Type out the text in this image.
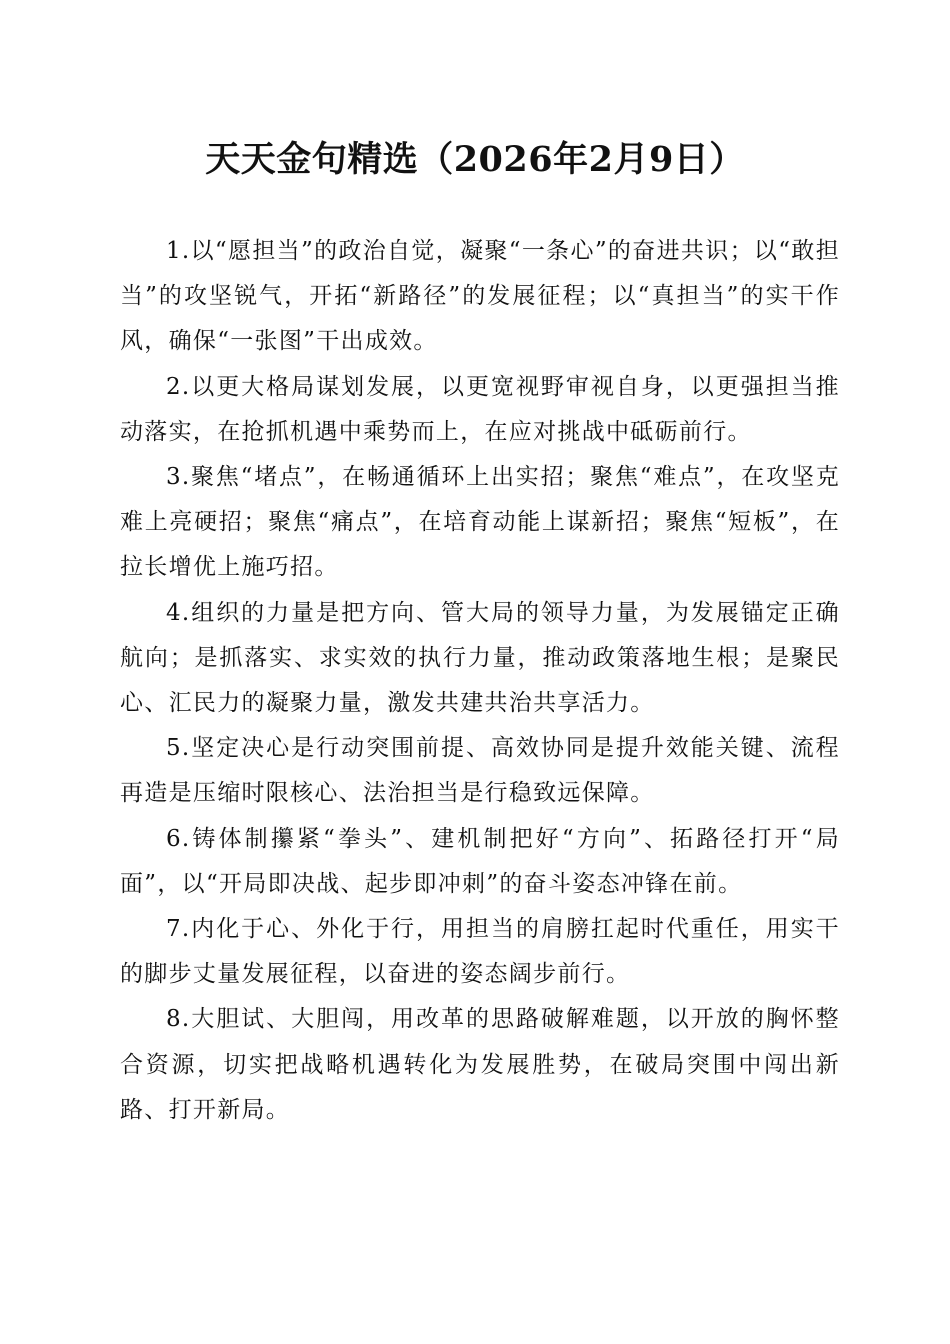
天天金句精选（2026年2月9日）

1.以“愿担当”的政治自觉，凝聚“一条心”的奋进共识；以“敢担当”的攻坚锐气，开拓“新路径”的发展征程；以“真担当”的实干作风，确保“一张图”干出成效。

2.以更大格局谋划发展，以更宽视野审视自身，以更强担当推动落实，在抢抓机遇中乘势而上，在应对挑战中砥砺前行。

3.聚焦“堵点”，在畅通循环上出实招；聚焦“难点”，在攻坚克难上亮硬招；聚焦“痛点”，在培育动能上谋新招；聚焦“短板”，在拉长增优上施巧招。

4.组织的力量是把方向、管大局的领导力量，为发展锚定正确航向；是抓落实、求实效的执行力量，推动政策落地生根；是聚民心、汇民力的凝聚力量，激发共建共治共享活力。

5.坚定决心是行动突围前提、高效协同是提升效能关键、流程再造是压缩时限核心、法治担当是行稳致远保障。

6.铸体制攥紧“拳头”、建机制把好“方向”、拓路径打开“局面”，以“开局即决战、起步即冲刺”的奋斗姿态冲锋在前。

7.内化于心、外化于行，用担当的肩膀扛起时代重任，用实干的脚步丈量发展征程，以奋进的姿态阔步前行。

8.大胆试、大胆闯，用改革的思路破解难题，以开放的胸怀整合资源，切实把战略机遇转化为发展胜势，在破局突围中闯出新路、打开新局。
